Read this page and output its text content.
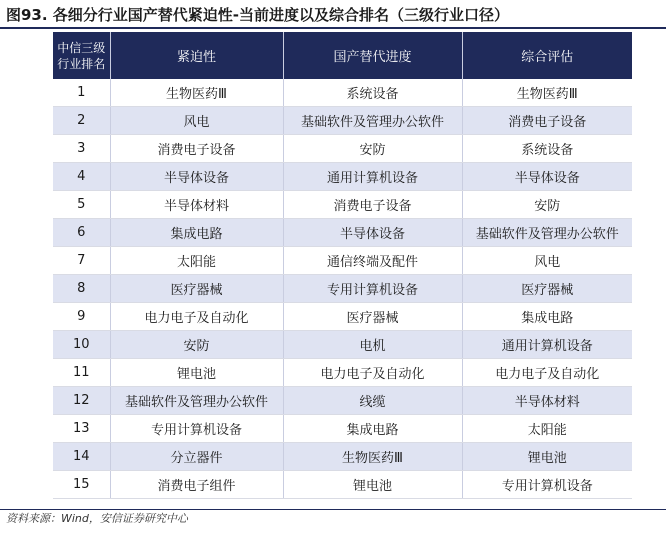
图93. 各细分行业国产替代紧迫性-当前进度以及综合排名（三级行业口径）
中信三级
行业排名	紧迫性	国产替代进度	综合评估
1	生物医药Ⅲ	系统设备	生物医药Ⅲ
2	风电	基础软件及管理办公软件	消费电子设备
3	消费电子设备	安防	系统设备
4	半导体设备	通用计算机设备	半导体设备
5	半导体材料	消费电子设备	安防
6	集成电路	半导体设备	基础软件及管理办公软件
7	太阳能	通信终端及配件	风电
8	医疗器械	专用计算机设备	医疗器械
9	电力电子及自动化	医疗器械	集成电路
10	安防	电机	通用计算机设备
11	锂电池	电力电子及自动化	电力电子及自动化
12	基础软件及管理办公软件	线缆	半导体材料
13	专用计算机设备	集成电路	太阳能
14	分立器件	生物医药Ⅲ	锂电池
15	消费电子组件	锂电池	专用计算机设备
资料来源：Wind，安信证券研究中心
